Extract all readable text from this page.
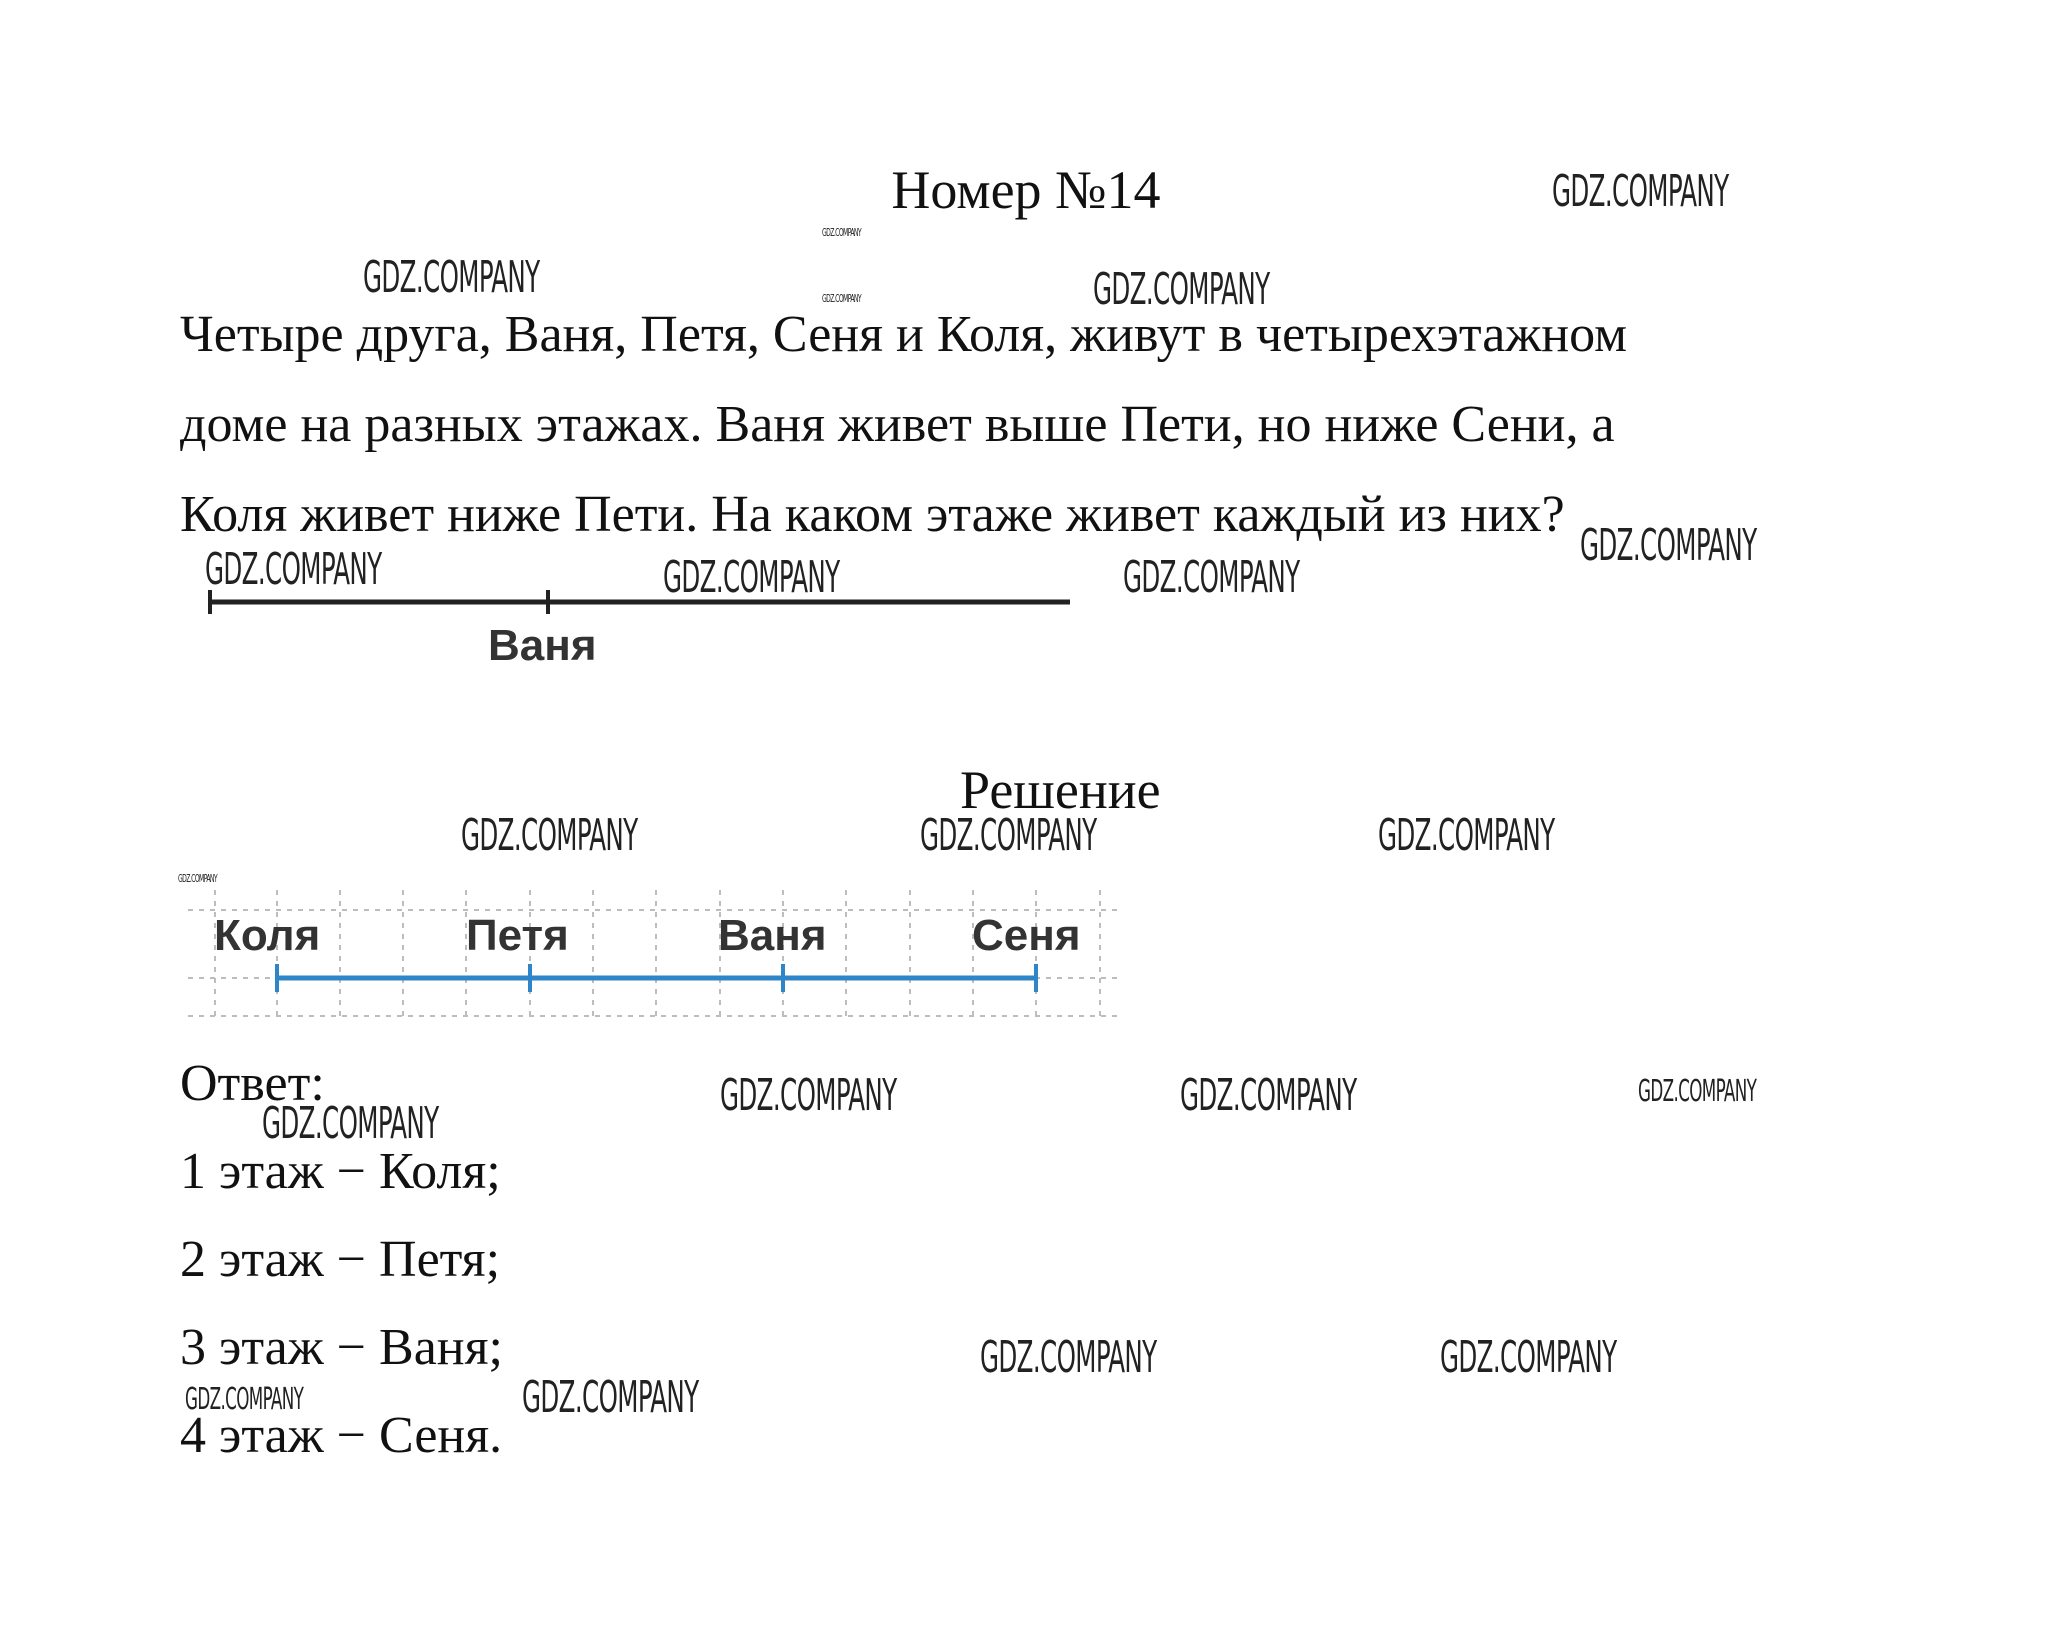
Номер №14

Четыре друга, Ваня, Петя, Сеня и Коля, живут в четырехэтажном

доме на разных этажах. Ваня живет выше Пети, но ниже Сени, а

Коля живет ниже Пети. На каком этаже живет каждый из них?

Ваня
Решение
Коля	Петя	Ваня	Сеня

Ответ:

1 этаж − Коля;

2 этаж − Петя;

3 этаж − Ваня;

4 этаж − Сеня.

GDZ.COMPANY
GDZ.COMPANY
GDZ.COMPANY	GDZ.COMPANY	GDZ.COMPANY
GDZ.COMPANY
GDZ.COMPANY	GDZ.COMPANY	GDZ.COMPANY
GDZ.COMPANY	GDZ.COMPANY	GDZ.COMPANY
GDZ.COMPANY
GDZ.COMPANY	GDZ.COMPANY	GDZ.COMPANY
GDZ.COMPANY
GDZ.COMPANY	GDZ.COMPANY
GDZ.COMPANY	GDZ.COMPANY
